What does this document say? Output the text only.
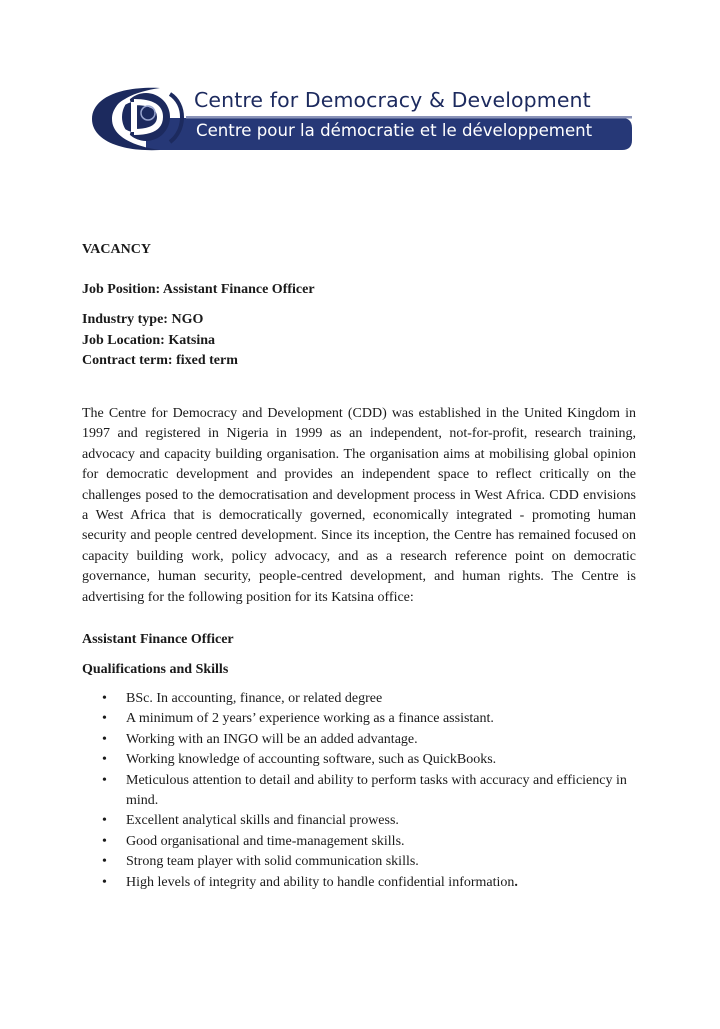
Centre for Democracy & Development
Centre pour la démocratie et le développement
VACANCY
Job Position: Assistant Finance Officer
Industry type: NGO
Job Location: Katsina
Contract term: fixed term
The Centre for Democracy and Development (CDD) was established in the United Kingdom in 1997 and registered in Nigeria in 1999 as an independent, not-for-profit, research training, advocacy and capacity building organisation. The organisation aims at mobilising global opinion for democratic development and provides an independent space to reflect critically on the challenges posed to the democratisation and development process in West Africa. CDD envisions a West Africa that is democratically governed, economically integrated - promoting human security and people centred development. Since its inception, the Centre has remained focused on capacity building work, policy advocacy, and as a research reference point on democratic governance, human security, people-centred development, and human rights. The Centre is advertising for the following position for its Katsina office:
Assistant Finance Officer
Qualifications and Skills
• BSc. In accounting, finance, or related degree
• A minimum of 2 years’ experience working as a finance assistant.
• Working with an INGO will be an added advantage.
• Working knowledge of accounting software, such as QuickBooks.
• Meticulous attention to detail and ability to perform tasks with accuracy and efficiency in mind.
• Excellent analytical skills and financial prowess.
• Good organisational and time-management skills.
• Strong team player with solid communication skills.
• High levels of integrity and ability to handle confidential information.
